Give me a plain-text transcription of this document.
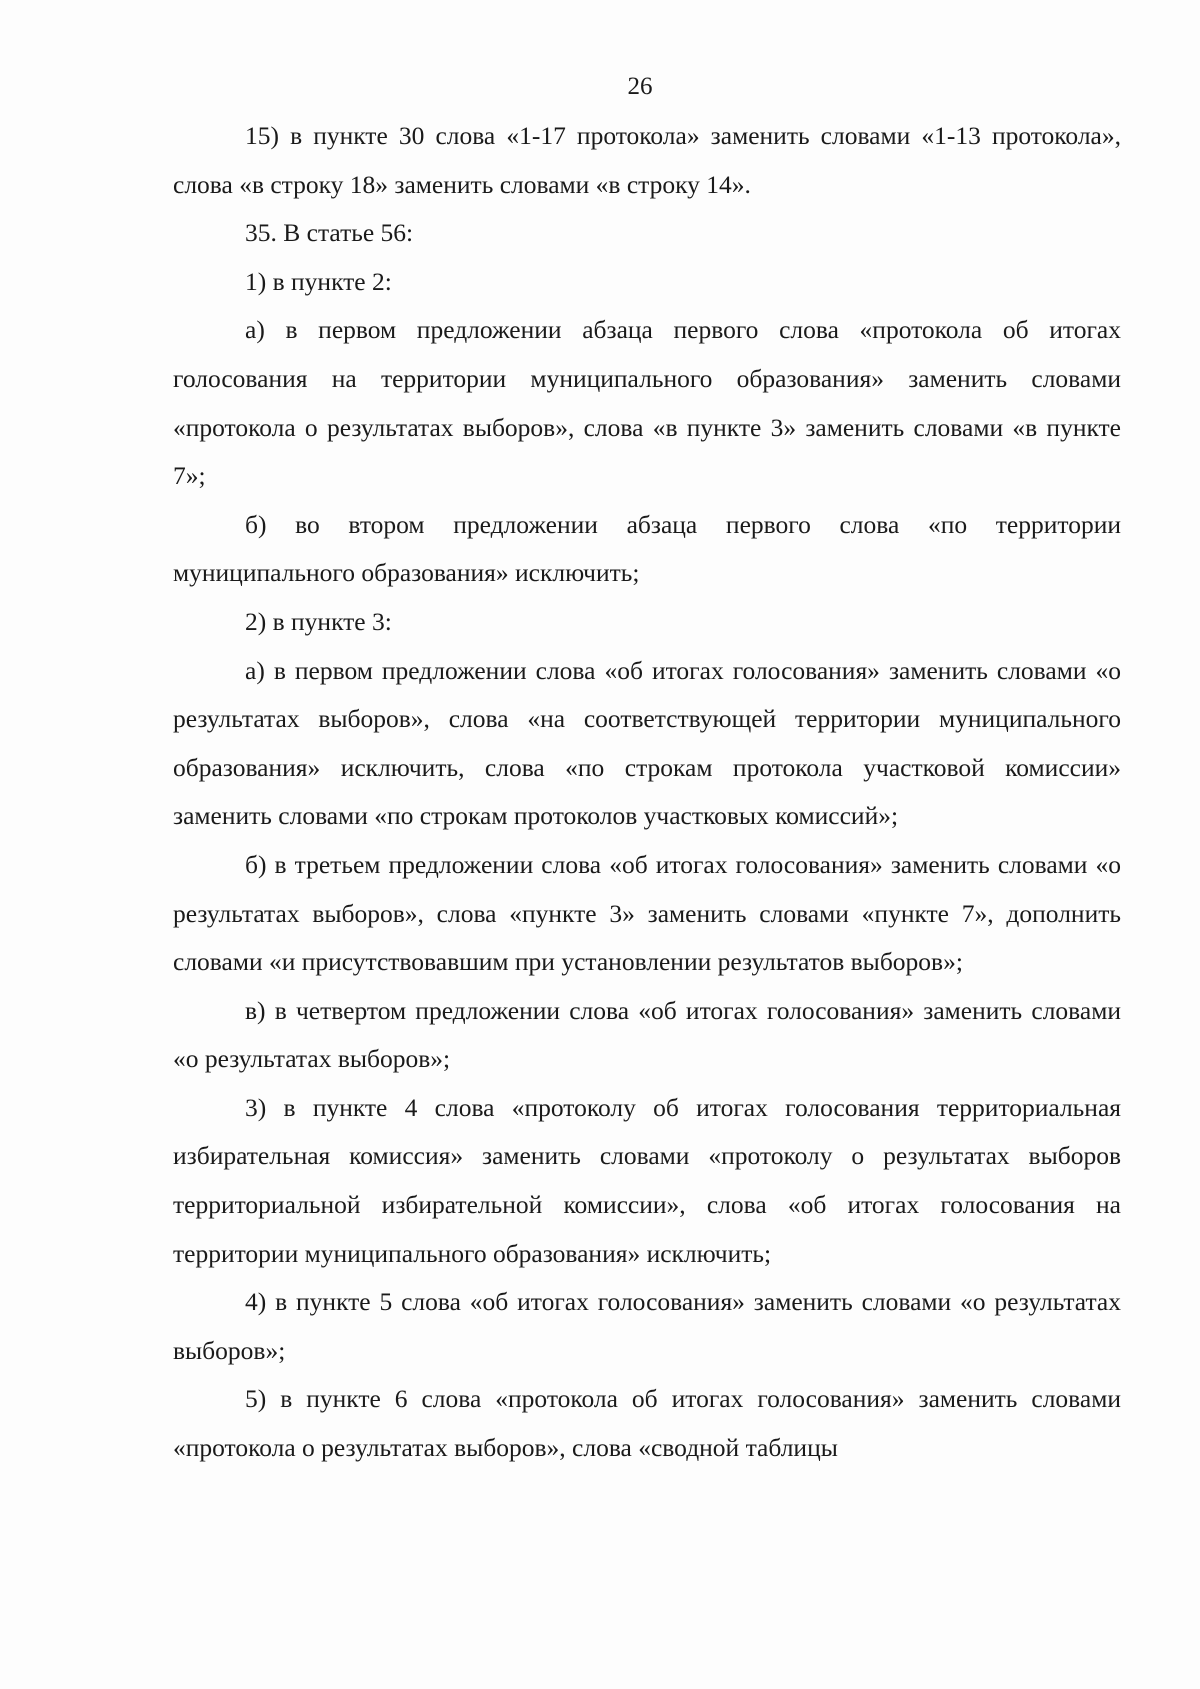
26

15) в пункте 30 слова «1-17 протокола» заменить словами «1-13 протокола», слова «в строку 18» заменить словами «в строку 14».

35. В статье 56:

1) в пункте 2:

а) в первом предложении абзаца первого слова «протокола об итогах голосования на территории муниципального образования» заменить словами «протокола о результатах выборов», слова «в пункте 3» заменить словами «в пункте 7»;

б) во втором предложении абзаца первого слова «по территории муниципального образования» исключить;

2) в пункте 3:

а) в первом предложении слова «об итогах голосования» заменить словами «о результатах выборов», слова «на соответствующей территории муниципального образования» исключить, слова «по строкам протокола участковой комиссии» заменить словами «по строкам протоколов участковых комиссий»;

б) в третьем предложении слова «об итогах голосования» заменить словами «о результатах выборов», слова «пункте 3» заменить словами «пункте 7», дополнить словами «и присутствовавшим при установлении результатов выборов»;

в) в четвертом предложении слова «об итогах голосования» заменить словами «о результатах выборов»;

3) в пункте 4 слова «протоколу об итогах голосования территориальная избирательная комиссия» заменить словами «протоколу о результатах выборов территориальной избирательной комиссии», слова «об итогах голосования на территории муниципального образования» исключить;

4) в пункте 5 слова «об итогах голосования» заменить словами «о результатах выборов»;

5) в пункте 6 слова «протокола об итогах голосования» заменить словами «протокола о результатах выборов», слова «сводной таблицы
